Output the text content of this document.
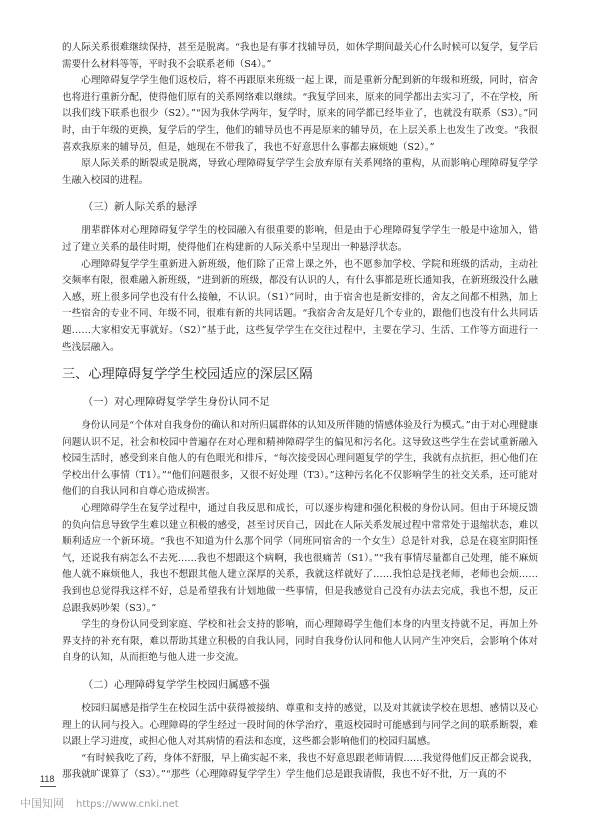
的人际关系很难继续保持，甚至是脱离。“我也是有事才找辅导员，如休学期间最关心什么时候可以复学，复学后需要什么材料等等，平时我不会联系老师（S4）。”

心理障碍复学学生他们返校后，将不再跟原来班级一起上课，而是重新分配到新的年级和班级，同时，宿舍也将进行重新分配，使得他们原有的关系网络难以继续。“我复学回来，原来的同学都出去实习了，不在学校，所以我们线下联系也很少（S2）。”“因为我休学两年，复学时，原来的同学都已经毕业了，也就没有联系（S3）。”同时，由于年级的更换，复学后的学生，他们的辅导员也不再是原来的辅导员，在上层关系上也发生了改变。“我很喜欢我原来的辅导员，但是，她现在不带我了，我也不好意思什么事都去麻烦她（S2）。”

原人际关系的断裂或是脱离，导致心理障碍复学学生会放弃原有关系网络的重构，从而影响心理障碍复学学生融入校园的进程。

（三）新人际关系的悬浮

朋辈群体对心理障碍复学学生的校园融入有很重要的影响，但是由于心理障碍复学学生一般是中途加入，错过了建立关系的最佳时期，使得他们在构建新的人际关系中呈现出一种悬浮状态。

心理障碍复学学生重新进入新班级，他们除了正常上课之外，也不愿参加学校、学院和班级的活动，主动社交频率有限，很难融入新班级，“进到新的班级，都没有认识的人，有什么事都是班长通知我，在新班级没什么融入感，班上很多同学也没有什么接触，不认识。（S1）”同时，由于宿舍也是新安排的，舍友之间都不相熟，加上一些宿舍的专业不同、年级不同，很难有新的共同话题。“我宿舍舍友是好几个专业的，跟他们也没有什么共同话题……大家相安无事就好。（S2）”基于此，这些复学学生在交往过程中，主要在学习、生活、工作等方面进行一些浅层融入。

三、心理障碍复学学生校园适应的深层区隔
（一）对心理障碍复学学生身份认同不足

身份认同是“个体对自我身份的确认和对所归属群体的认知及所伴随的情感体验及行为模式。”由于对心理健康问题认识不足，社会和校园中普遍存在对心理和精神障碍学生的偏见和污名化。这导致这些学生在尝试重新融入校园生活时，感受到来自他人的有色眼光和排斥，“每次接受因心理问题复学的学生，我就有点抗拒，担心他们在学校出什么事情（T1）。”“他们问题很多，又很不好处理（T3）。”这种污名化不仅影响学生的社交关系，还可能对他们的自我认同和自尊心造成损害。

心理障碍学生在复学过程中，通过自我反思和成长，可以逐步构建和强化积极的身份认同。但由于环境反馈的负向信息导致学生难以建立积极的感受，甚至讨厌自己，因此在人际关系发展过程中常常处于退缩状态，难以顺利适应一个新环境。“我也不知道为什么那个同学（同班同宿舍的一个女生）总是针对我，总是在寝室阴阳怪气，还说我有病怎么不去死……我也不想跟这个病啊，我也很痛苦（S1）。”“我有事情尽量都自己处理，能不麻烦他人就不麻烦他人，我也不想跟其他人建立深厚的关系，我就这样就好了……我怕总是找老师，老师也会烦……我到也总觉得我这样不好，总是希望我有计划地做一些事情，但是我感觉自己没有办法去完成，我也不想，反正总跟我妈吵架（S3）。”

学生的身份认同受到家庭、学校和社会支持的影响，而心理障碍学生他们本身的内里支持就不足，再加上外界支持的补充有限，难以帮助其建立积极的自我认同，同时自我身份认同和他人认同产生冲突后，会影响个体对自身的认知，从而拒绝与他人进一步交流。

（二）心理障碍复学学生校园归属感不强

校园归属感是指学生在校园生活中获得被接纳、尊重和支持的感觉，以及对其就读学校在思想、感情以及心理上的认同与投入。心理障碍的学生经过一段时间的休学治疗，重返校园时可能感到与同学之间的联系断裂，难以跟上学习进度，或担心他人对其病情的看法和态度，这些都会影响他们的校园归属感。

“有时候我吃了药，身体不舒服，早上确实起不来，我也不好意思跟老师请假……我觉得他们反正都会说我，那我就旷课算了（S3）。”“那些（心理障碍复学学生）学生他们总是跟我请假，我也不好不批，万一真的不

118
中国知网 https://www.cnki.net
